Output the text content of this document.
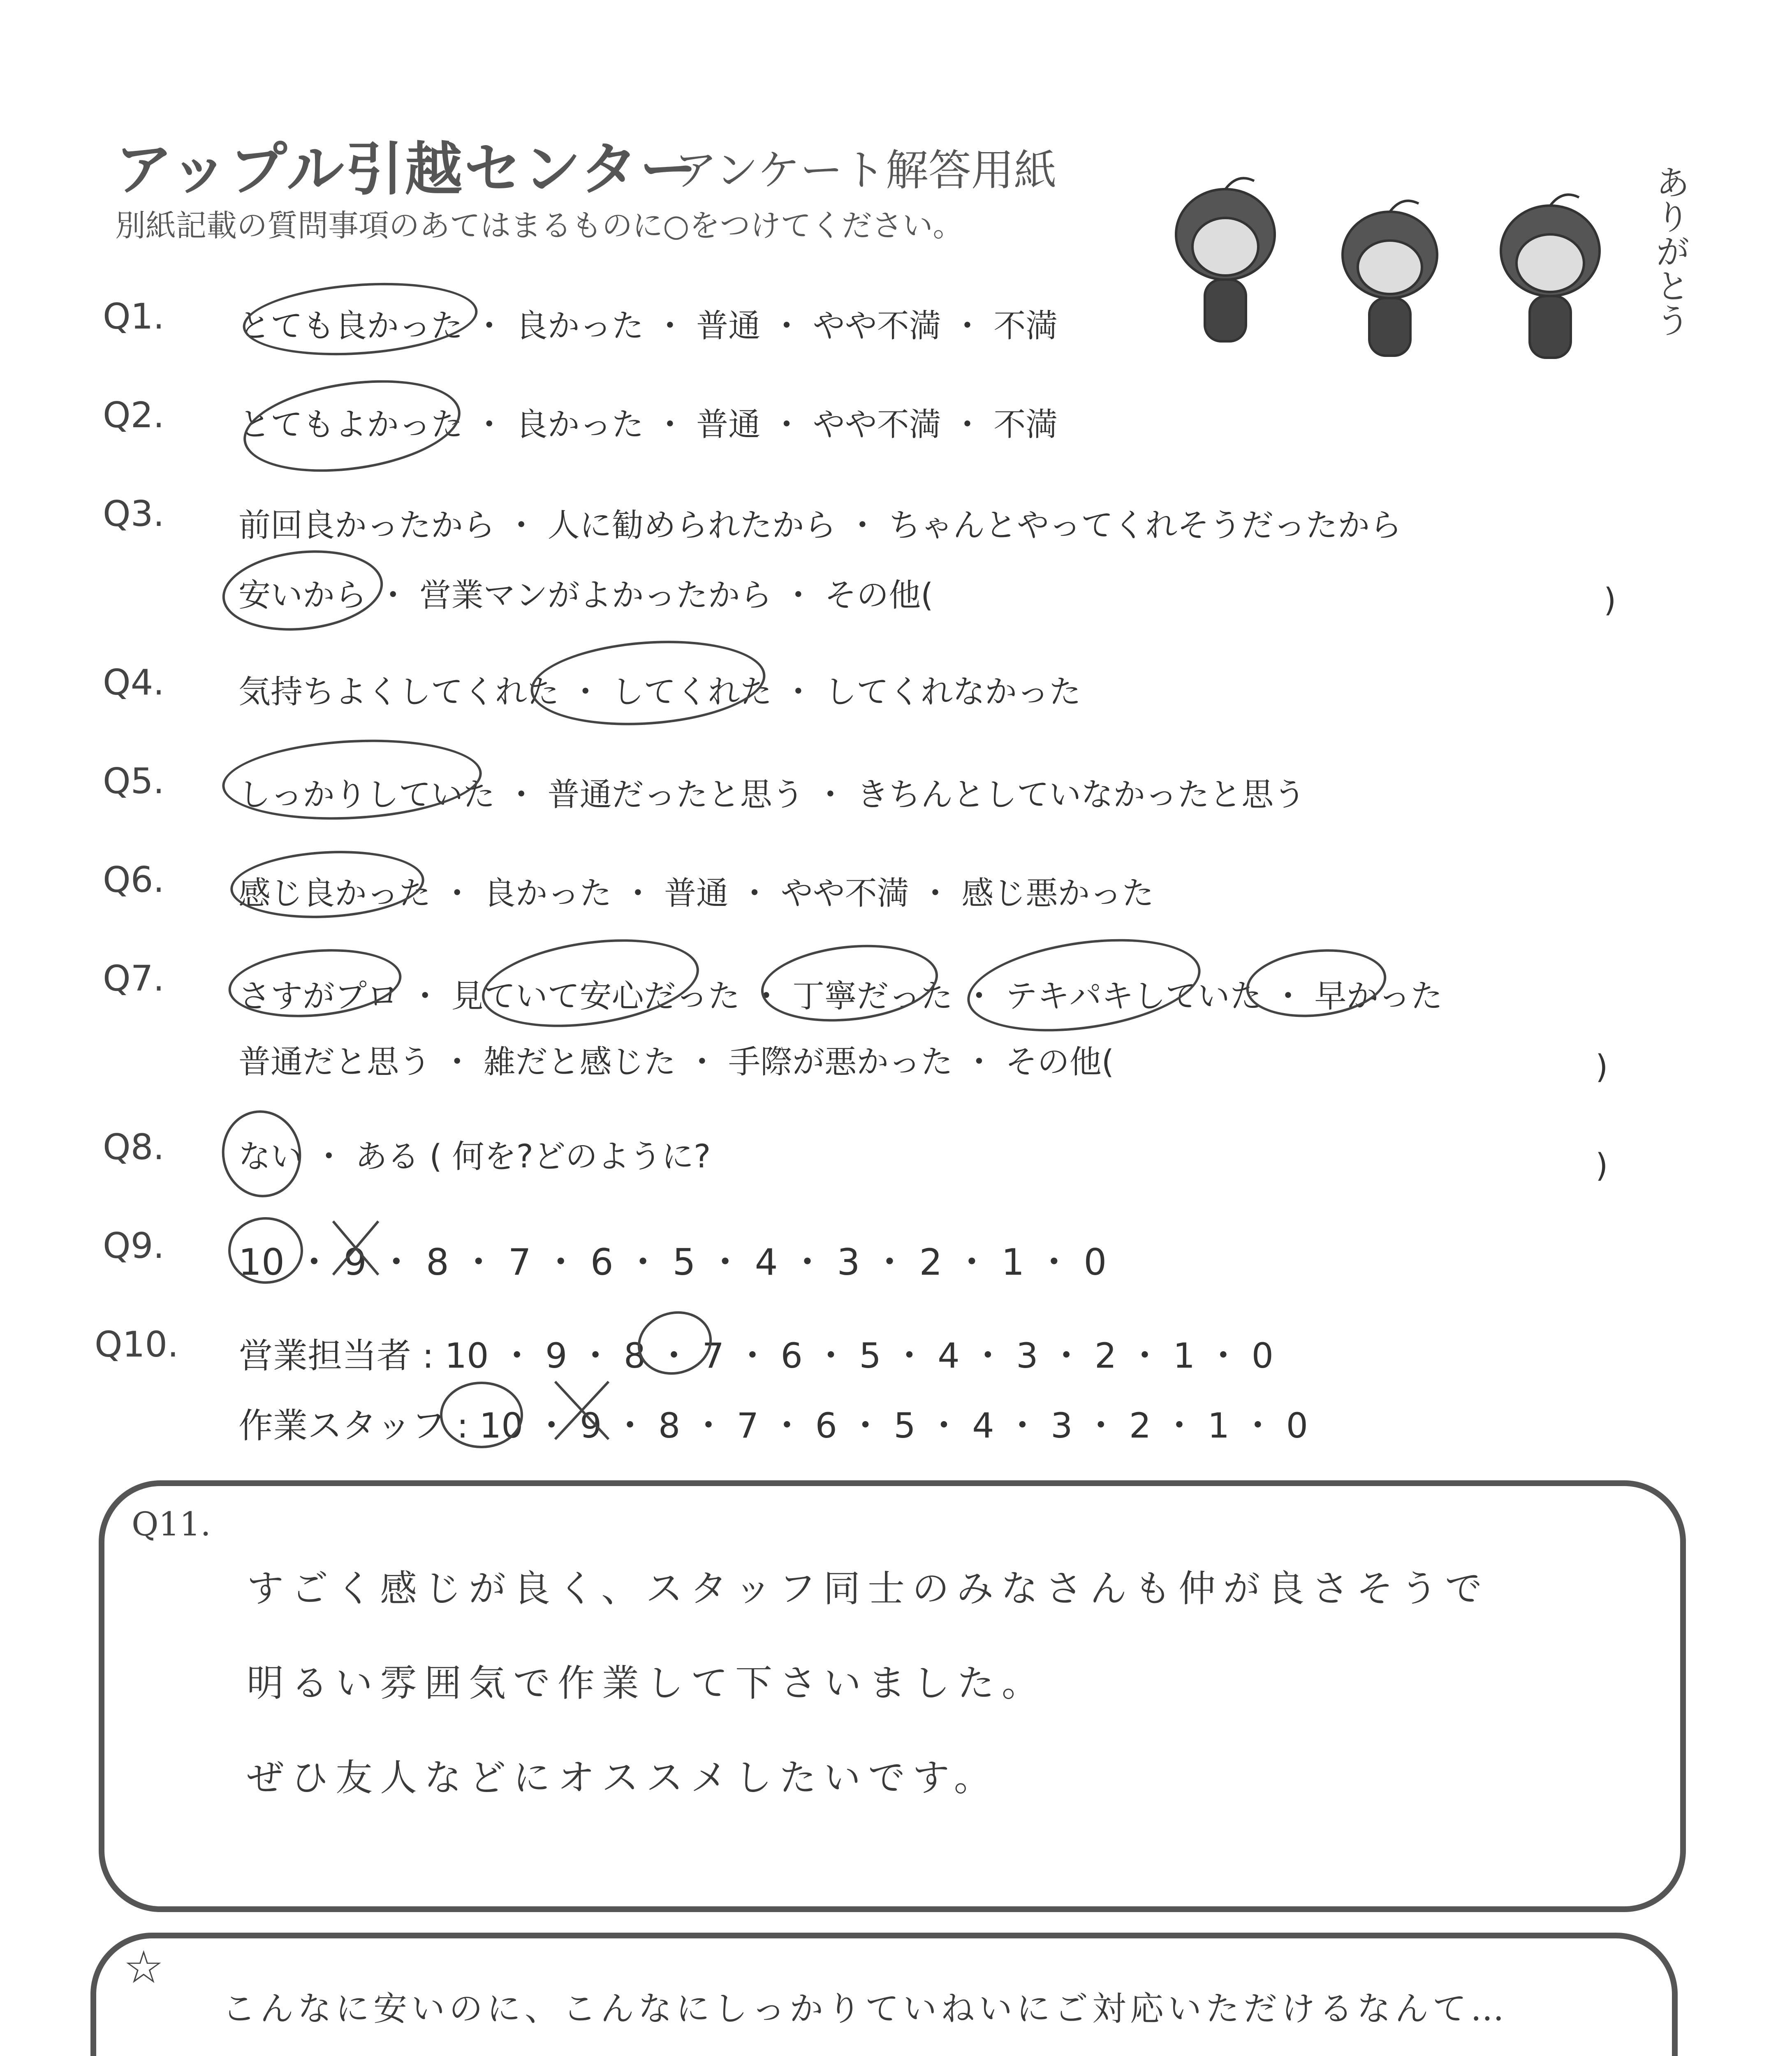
アップル引越センター
アンケート解答用紙
別紙記載の質問事項のあてはまるものに○をつけてください。	ありがとう
Q1. とても良かった ・ 良かった ・ 普通 ・ やや不満 ・ 不満
Q2. とてもよかった ・ 良かった ・ 普通 ・ やや不満 ・ 不満
Q3. 前回良かったから ・ 人に勧められたから ・ ちゃんとやってくれそうだったから
安いから ・ 営業マンがよかったから ・ その他(	)
Q4. 気持ちよくしてくれた ・ してくれた ・ してくれなかった
Q5. しっかりしていた ・ 普通だったと思う ・ きちんとしていなかったと思う
Q6. 感じ良かった ・ 良かった ・ 普通 ・ やや不満 ・ 感じ悪かった
Q7. さすがプロ ・ 見ていて安心だった ・ 丁寧だった ・ テキパキしていた ・ 早かった
普通だと思う ・ 雑だと感じた ・ 手際が悪かった ・ その他(	)
Q8. ない ・ ある ( 何を?どのように?	)
Q9. 10 ・ 9 ・ 8 ・ 7 ・ 6 ・ 5 ・ 4 ・ 3 ・ 2 ・ 1 ・ 0
Q10. 営業担当者 : 10 ・ 9 ・ 8 ・ 7 ・ 6 ・ 5 ・ 4 ・ 3 ・ 2 ・ 1 ・ 0
作業スタッフ : 10 ・ 9 ・ 8 ・ 7 ・ 6 ・ 5 ・ 4 ・ 3 ・ 2 ・ 1 ・ 0
Q11.
すごく感じが良く、スタッフ同士のみなさんも仲が良さそうで
明るい雰囲気で作業して下さいました。
ぜひ友人などにオススメしたいです。
☆
こんなに安いのに、こんなにしっかりていねいにご対応いただけるなんて…
